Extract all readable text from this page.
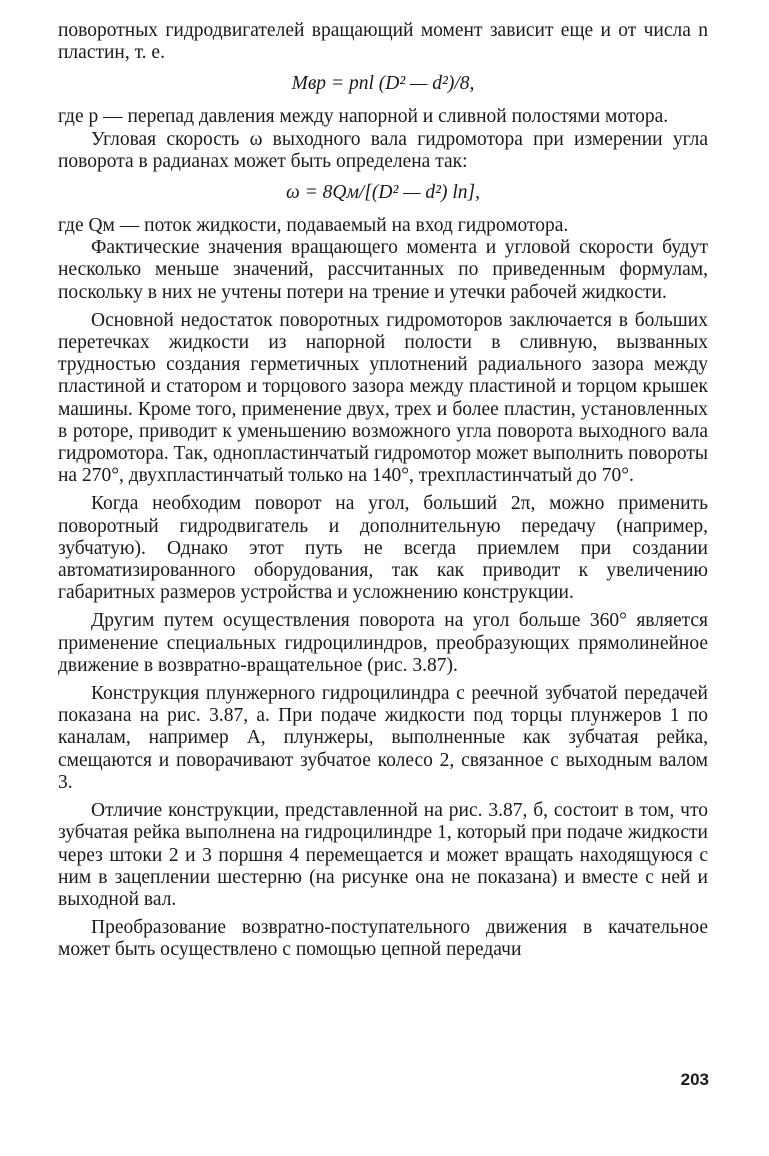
поворотных гидродвигателей вращающий момент зависит еще и от числа n пластин, т. е.

Mвр = pnl (D² — d²)/8,

где p — перепад давления между напорной и сливной полостями мотора.

Угловая скорость ω выходного вала гидромотора при измерении угла поворота в радианах может быть определена так:

ω = 8Qм/[(D² — d²) ln],

где Qм — поток жидкости, подаваемый на вход гидромотора.

Фактические значения вращающего момента и угловой скорости будут несколько меньше значений, рассчитанных по приведенным формулам, поскольку в них не учтены потери на трение и утечки рабочей жидкости.

Основной недостаток поворотных гидромоторов заключается в больших перетечках жидкости из напорной полости в сливную, вызванных трудностью создания герметичных уплотнений радиального зазора между пластиной и статором и торцового зазора между пластиной и торцом крышек машины. Кроме того, применение двух, трех и более пластин, установленных в роторе, приводит к уменьшению возможного угла поворота выходного вала гидромотора. Так, однопластинчатый гидромотор может выполнить повороты на 270°, двухпластинчатый только на 140°, трехпластинчатый до 70°.

Когда необходим поворот на угол, больший 2π, можно применить поворотный гидродвигатель и дополнительную передачу (например, зубчатую). Однако этот путь не всегда приемлем при создании автоматизированного оборудования, так как приводит к увеличению габаритных размеров устройства и усложнению конструкции.

Другим путем осуществления поворота на угол больше 360° является применение специальных гидроцилиндров, преобразующих прямолинейное движение в возвратно-вращательное (рис. 3.87).

Конструкция плунжерного гидроцилиндра с реечной зубчатой передачей показана на рис. 3.87, а. При подаче жидкости под торцы плунжеров 1 по каналам, например А, плунжеры, выполненные как зубчатая рейка, смещаются и поворачивают зубчатое колесо 2, связанное с выходным валом 3.

Отличие конструкции, представленной на рис. 3.87, б, состоит в том, что зубчатая рейка выполнена на гидроцилиндре 1, который при подаче жидкости через штоки 2 и 3 поршня 4 перемещается и может вращать находящуюся с ним в зацеплении шестерню (на рисунке она не показана) и вместе с ней и выходной вал.

Преобразование возвратно-поступательного движения в качательное может быть осуществлено с помощью цепной передачи

203
